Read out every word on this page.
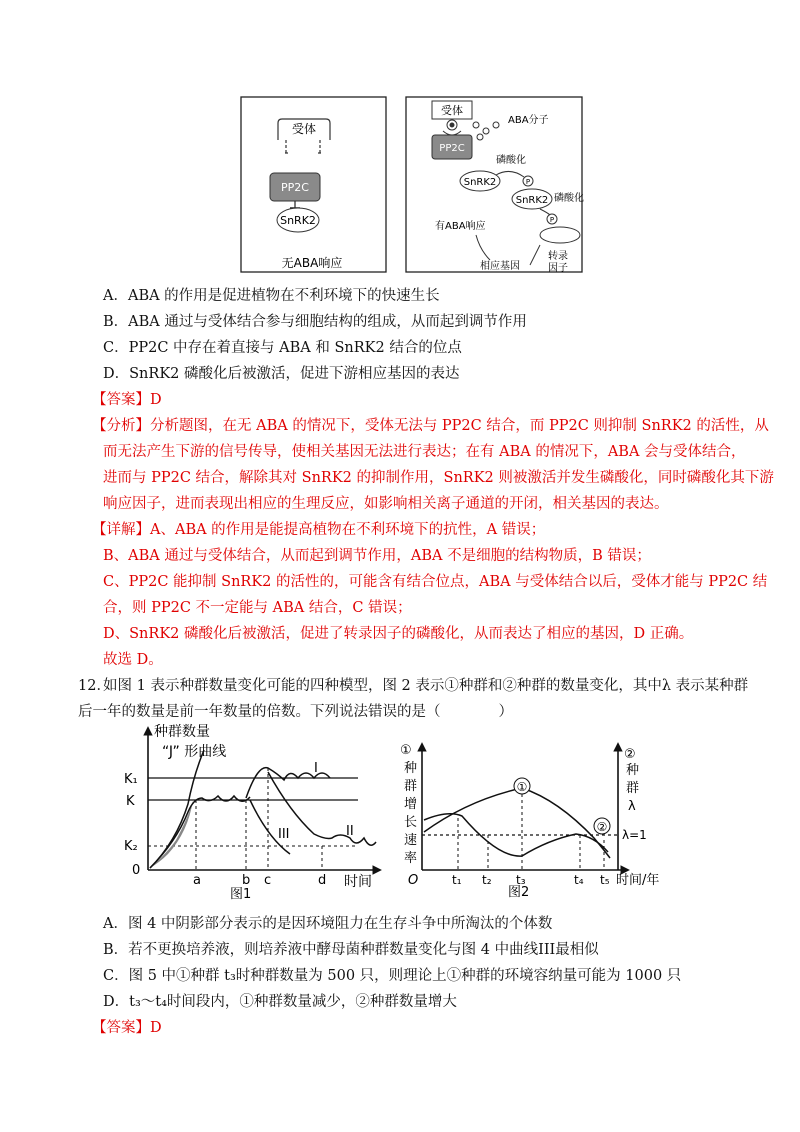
受体
PP2C
SnRK2
无ABA响应
受体
ABA分子
PP2C
磷酸化
SnRK2	P
SnRK2 磷酸化
P
有ABA响应
转录
因子
相应基因
A．ABA 的作用是促进植物在不利环境下的快速生长
B．ABA 通过与受体结合参与细胞结构的组成，从而起到调节作用
C．PP2C 中存在着直接与 ABA 和 SnRK2 结合的位点
D．SnRK2 磷酸化后被激活，促进下游相应基因的表达
【答案】D
【分析】分析题图，在无 ABA 的情况下，受体无法与 PP2C 结合，而 PP2C 则抑制 SnRK2 的活性，从
而无法产生下游的信号传导，使相关基因无法进行表达；在有 ABA 的情况下，ABA 会与受体结合，
进而与 PP2C 结合，解除其对 SnRK2 的抑制作用，SnRK2 则被激活并发生磷酸化，同时磷酸化其下游
响应因子，进而表现出相应的生理反应，如影响相关离子通道的开闭，相关基因的表达。
【详解】A、ABA 的作用是能提高植物在不利环境下的抗性，A 错误；
B、ABA 通过与受体结合，从而起到调节作用，ABA 不是细胞的结构物质，B 错误；
C、PP2C 能抑制 SnRK2 的活性的，可能含有结合位点，ABA 与受体结合以后，受体才能与 PP2C 结
合，则 PP2C 不一定能与 ABA 结合，C 错误；
D、SnRK2 磷酸化后被激活，促进了转录因子的磷酸化，从而表达了相应的基因，D 正确。
故选 D。
12．
如图 1 表示种群数量变化可能的四种模型，图 2 表示①种群和②种群的数量变化，其中λ 表示某种群
后一年的数量是前一年数量的倍数。下列说法错误的是（　　　　）
种群数量
“J” 形曲线
K₁
K
K₂
0
a	b c	d 时间
I
II
III
图1
①
种
群
增
长
速
率
②
种
群
λ
λ=1
①
②
O	t₁ t₂ t₃	t₄ t₅ 时间/年
图2
A．图 4 中阴影部分表示的是因环境阻力在生存斗争中所淘汰的个体数
B．若不更换培养液，则培养液中酵母菌种群数量变化与图 4 中曲线III最相似
C．图 5 中①种群 t₃时种群数量为 500 只，则理论上①种群的环境容纳量可能为 1000 只
D．t₃～t₄时间段内，①种群数量减少，②种群数量增大
【答案】D
